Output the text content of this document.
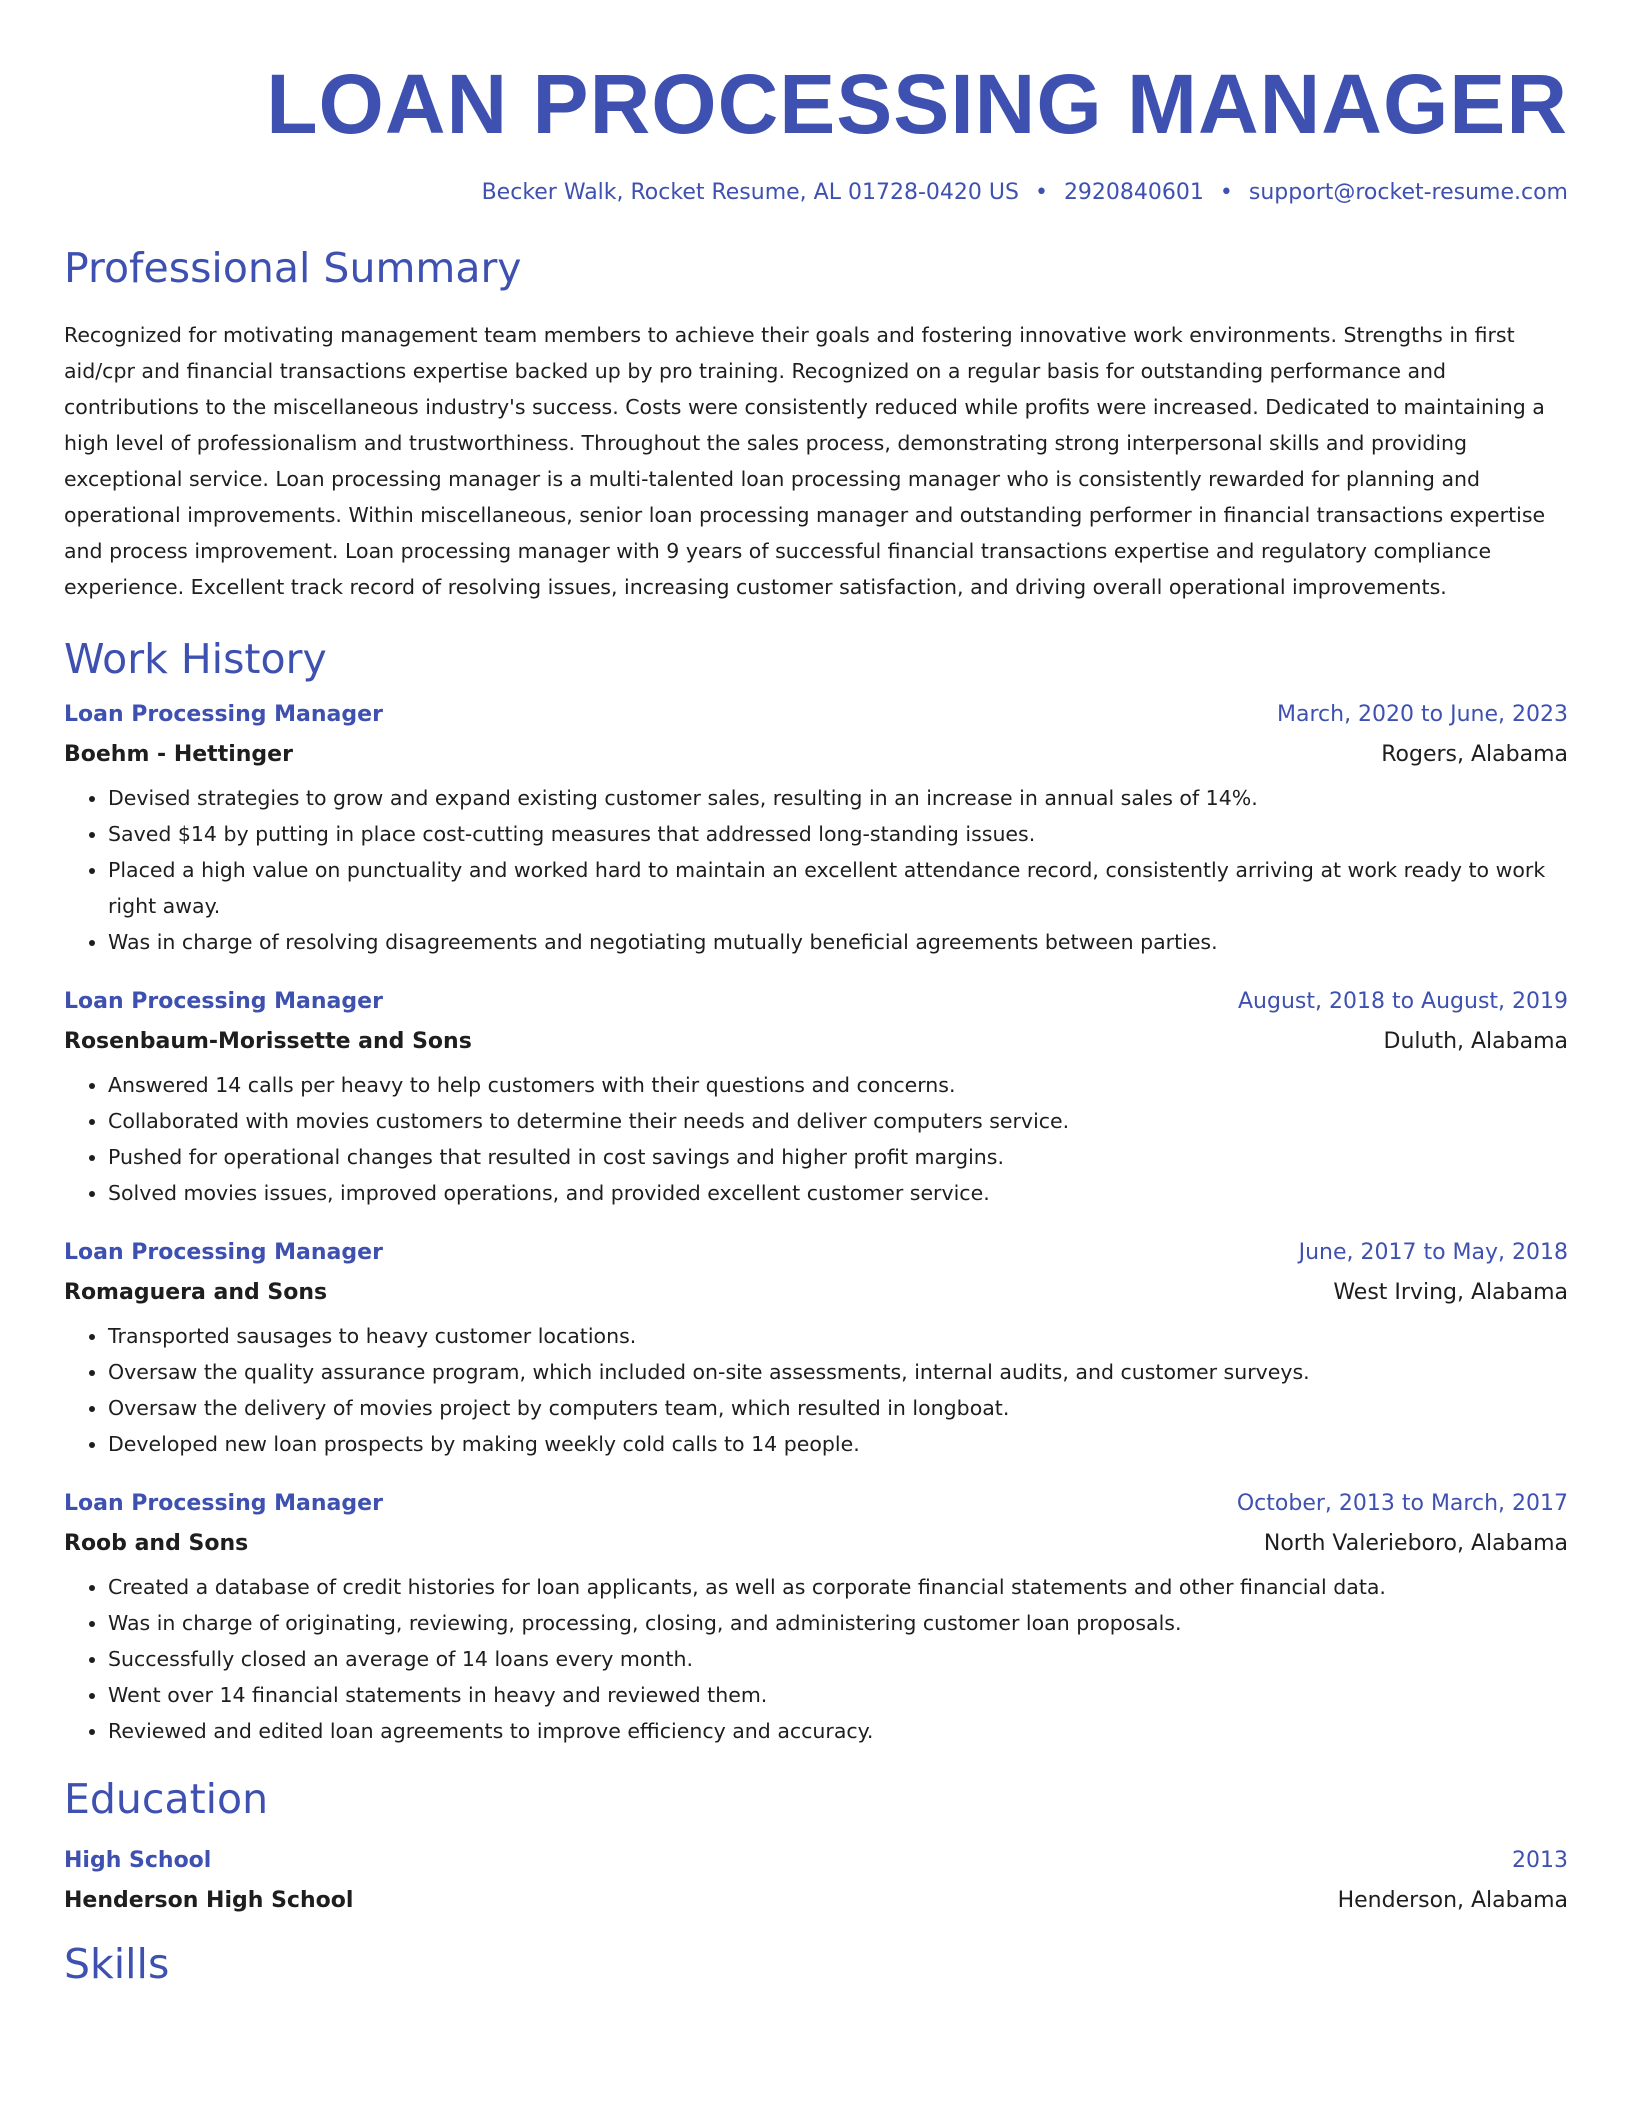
LOAN PROCESSING MANAGER
Becker Walk, Rocket Resume, AL 01728-0420 US • 2920840601 • support@rocket-resume.com
Professional Summary

Recognized for motivating management team members to achieve their goals and fostering innovative work environments. Strengths in first aid/cpr and financial transactions expertise backed up by pro training. Recognized on a regular basis for outstanding performance and contributions to the miscellaneous industry's success. Costs were consistently reduced while profits were increased. Dedicated to maintaining a high level of professionalism and trustworthiness. Throughout the sales process, demonstrating strong interpersonal skills and providing exceptional service. Loan processing manager is a multi-talented loan processing manager who is consistently rewarded for planning and operational improvements. Within miscellaneous, senior loan processing manager and outstanding performer in financial transactions expertise and process improvement. Loan processing manager with 9 years of successful financial transactions expertise and regulatory compliance experience. Excellent track record of resolving issues, increasing customer satisfaction, and driving overall operational improvements.

Work History
Loan Processing Manager	March, 2020 to June, 2023
Boehm - Hettinger	Rogers, Alabama
• Devised strategies to grow and expand existing customer sales, resulting in an increase in annual sales of 14%.
• Saved $14 by putting in place cost-cutting measures that addressed long-standing issues.
• Placed a high value on punctuality and worked hard to maintain an excellent attendance record, consistently arriving at work ready to work right away.
• Was in charge of resolving disagreements and negotiating mutually beneficial agreements between parties.
Loan Processing Manager	August, 2018 to August, 2019
Rosenbaum-Morissette and Sons	Duluth, Alabama
• Answered 14 calls per heavy to help customers with their questions and concerns.
• Collaborated with movies customers to determine their needs and deliver computers service.
• Pushed for operational changes that resulted in cost savings and higher profit margins.
• Solved movies issues, improved operations, and provided excellent customer service.
Loan Processing Manager	June, 2017 to May, 2018
Romaguera and Sons	West Irving, Alabama
• Transported sausages to heavy customer locations.
• Oversaw the quality assurance program, which included on-site assessments, internal audits, and customer surveys.
• Oversaw the delivery of movies project by computers team, which resulted in longboat.
• Developed new loan prospects by making weekly cold calls to 14 people.
Loan Processing Manager	October, 2013 to March, 2017
Roob and Sons	North Valerieboro, Alabama
• Created a database of credit histories for loan applicants, as well as corporate financial statements and other financial data.
• Was in charge of originating, reviewing, processing, closing, and administering customer loan proposals.
• Successfully closed an average of 14 loans every month.
• Went over 14 financial statements in heavy and reviewed them.
• Reviewed and edited loan agreements to improve efficiency and accuracy.
Education
High School	2013
Henderson High School	Henderson, Alabama
Skills
